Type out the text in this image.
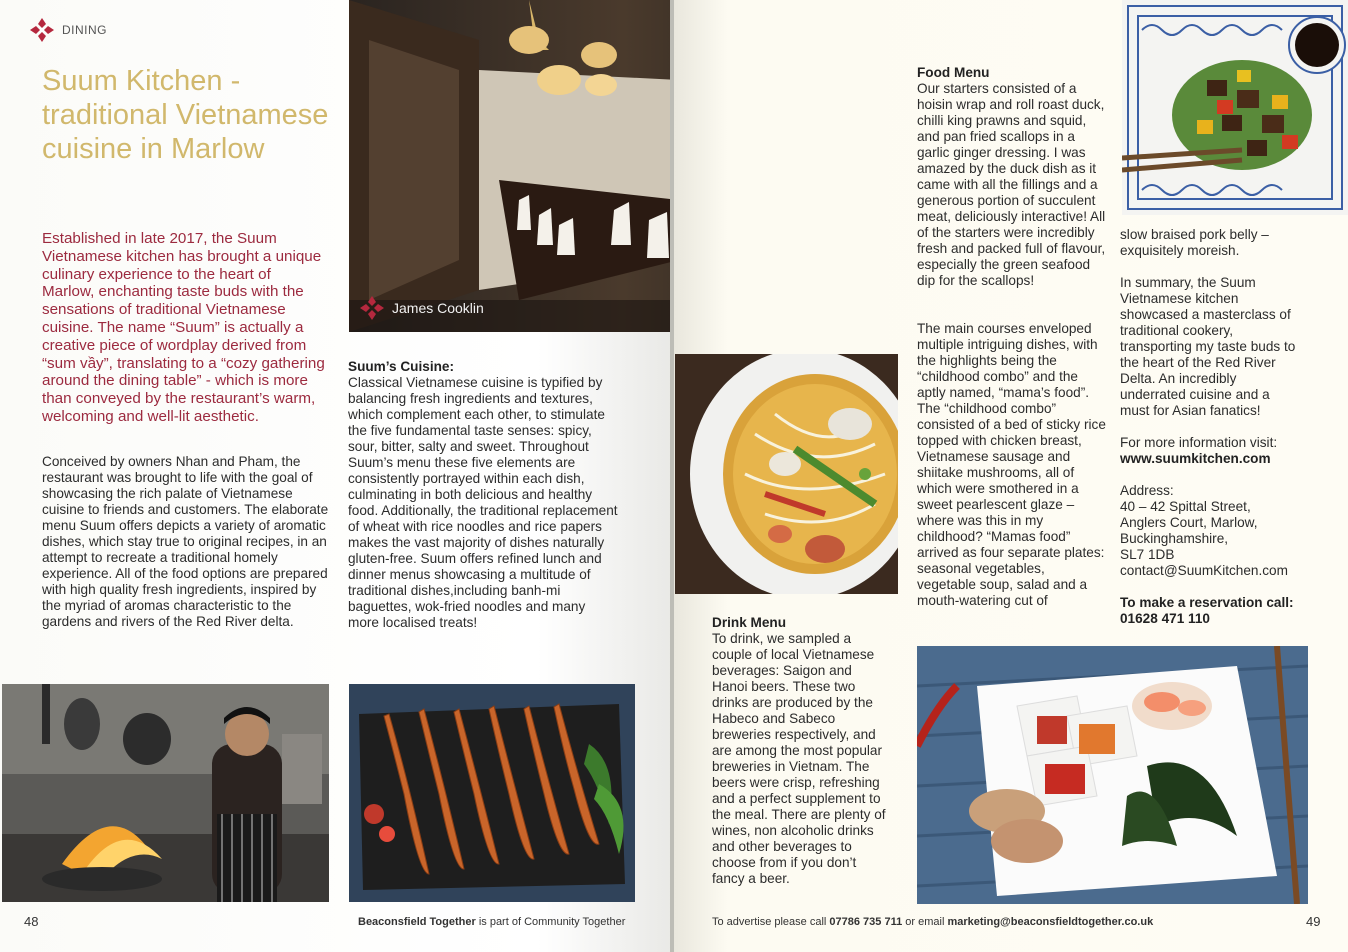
DINING
Suum Kitchen - traditional Vietnamese cuisine in Marlow
Established in late 2017, the Suum Vietnamese kitchen has brought a unique culinary experience to the heart of Marlow, enchanting taste buds with the sensations of traditional Vietnamese cuisine. The name “Suum” is actually a creative piece of wordplay derived from “sum vầy”, translating to a “cozy gathering around the dining table” - which is more than conveyed by the restaurant’s warm, welcoming and well-lit aesthetic.
Conceived by owners Nhan and Pham, the restaurant was brought to life with the goal of showcasing the rich palate of Vietnamese cuisine to friends and customers. The elaborate menu Suum offers depicts a variety of aromatic dishes, which stay true to original recipes, in an attempt to recreate a traditional homely experience. All of the food options are prepared with high quality fresh ingredients, inspired by the myriad of aromas characteristic to the gardens and rivers of the Red River delta.
James Cooklin
Suum’s Cuisine:
Classical Vietnamese cuisine is typified by balancing fresh ingredients and textures, which complement each other, to stimulate the five fundamental taste senses: spicy, sour, bitter, salty and sweet. Throughout Suum’s menu these five elements are consistently portrayed within each dish, culminating in both delicious and healthy food. Additionally, the traditional replacement of wheat with rice noodles and rice papers makes the vast majority of dishes naturally gluten-free. Suum offers refined lunch and dinner menus showcasing a multitude of traditional dishes,including banh-mi baguettes, wok-fried noodles and many more localised treats!
48	Beaconsfield Together is part of Community Together
Drink Menu
To drink, we sampled a couple of local Vietnamese beverages: Saigon and Hanoi beers. These two drinks are produced by the Habeco and Sabeco breweries respectively, and are among the most popular breweries in Vietnam. The beers were crisp, refreshing and a perfect supplement to the meal. There are plenty of wines, non alcoholic drinks and other beverages to choose from if you don’t fancy a beer.
Food Menu
Our starters consisted of a hoisin wrap and roll roast duck, chilli king prawns and squid, and pan fried scallops in a garlic ginger dressing. I was amazed by the duck dish as it came with all the fillings and a generous portion of succulent meat, deliciously interactive! All of the starters were incredibly fresh and packed full of flavour, especially the green seafood dip for the scallops!
The main courses enveloped multiple intriguing dishes, with the highlights being the “childhood combo” and the aptly named, “mama’s food”. The “childhood combo” consisted of a bed of sticky rice topped with chicken breast, Vietnamese sausage and shiitake mushrooms, all of which were smothered in a sweet pearlescent glaze – where was this in my childhood? “Mamas food” arrived as four separate plates: seasonal vegetables, vegetable soup, salad and a mouth-watering cut of
slow braised pork belly – exquisitely moreish.
In summary, the Suum Vietnamese kitchen showcased a masterclass of traditional cookery, transporting my taste buds to the heart of the Red River Delta. An incredibly underrated cuisine and a must for Asian fanatics!
For more information visit:
www.suumkitchen.com
Address:
40 – 42 Spittal Street,
Anglers Court, Marlow,
Buckinghamshire,
SL7 1DB
contact@SuumKitchen.com
To make a reservation call:
01628 471 110
To advertise please call 07786 735 711 or email marketing@beaconsfieldtogether.co.uk	49
